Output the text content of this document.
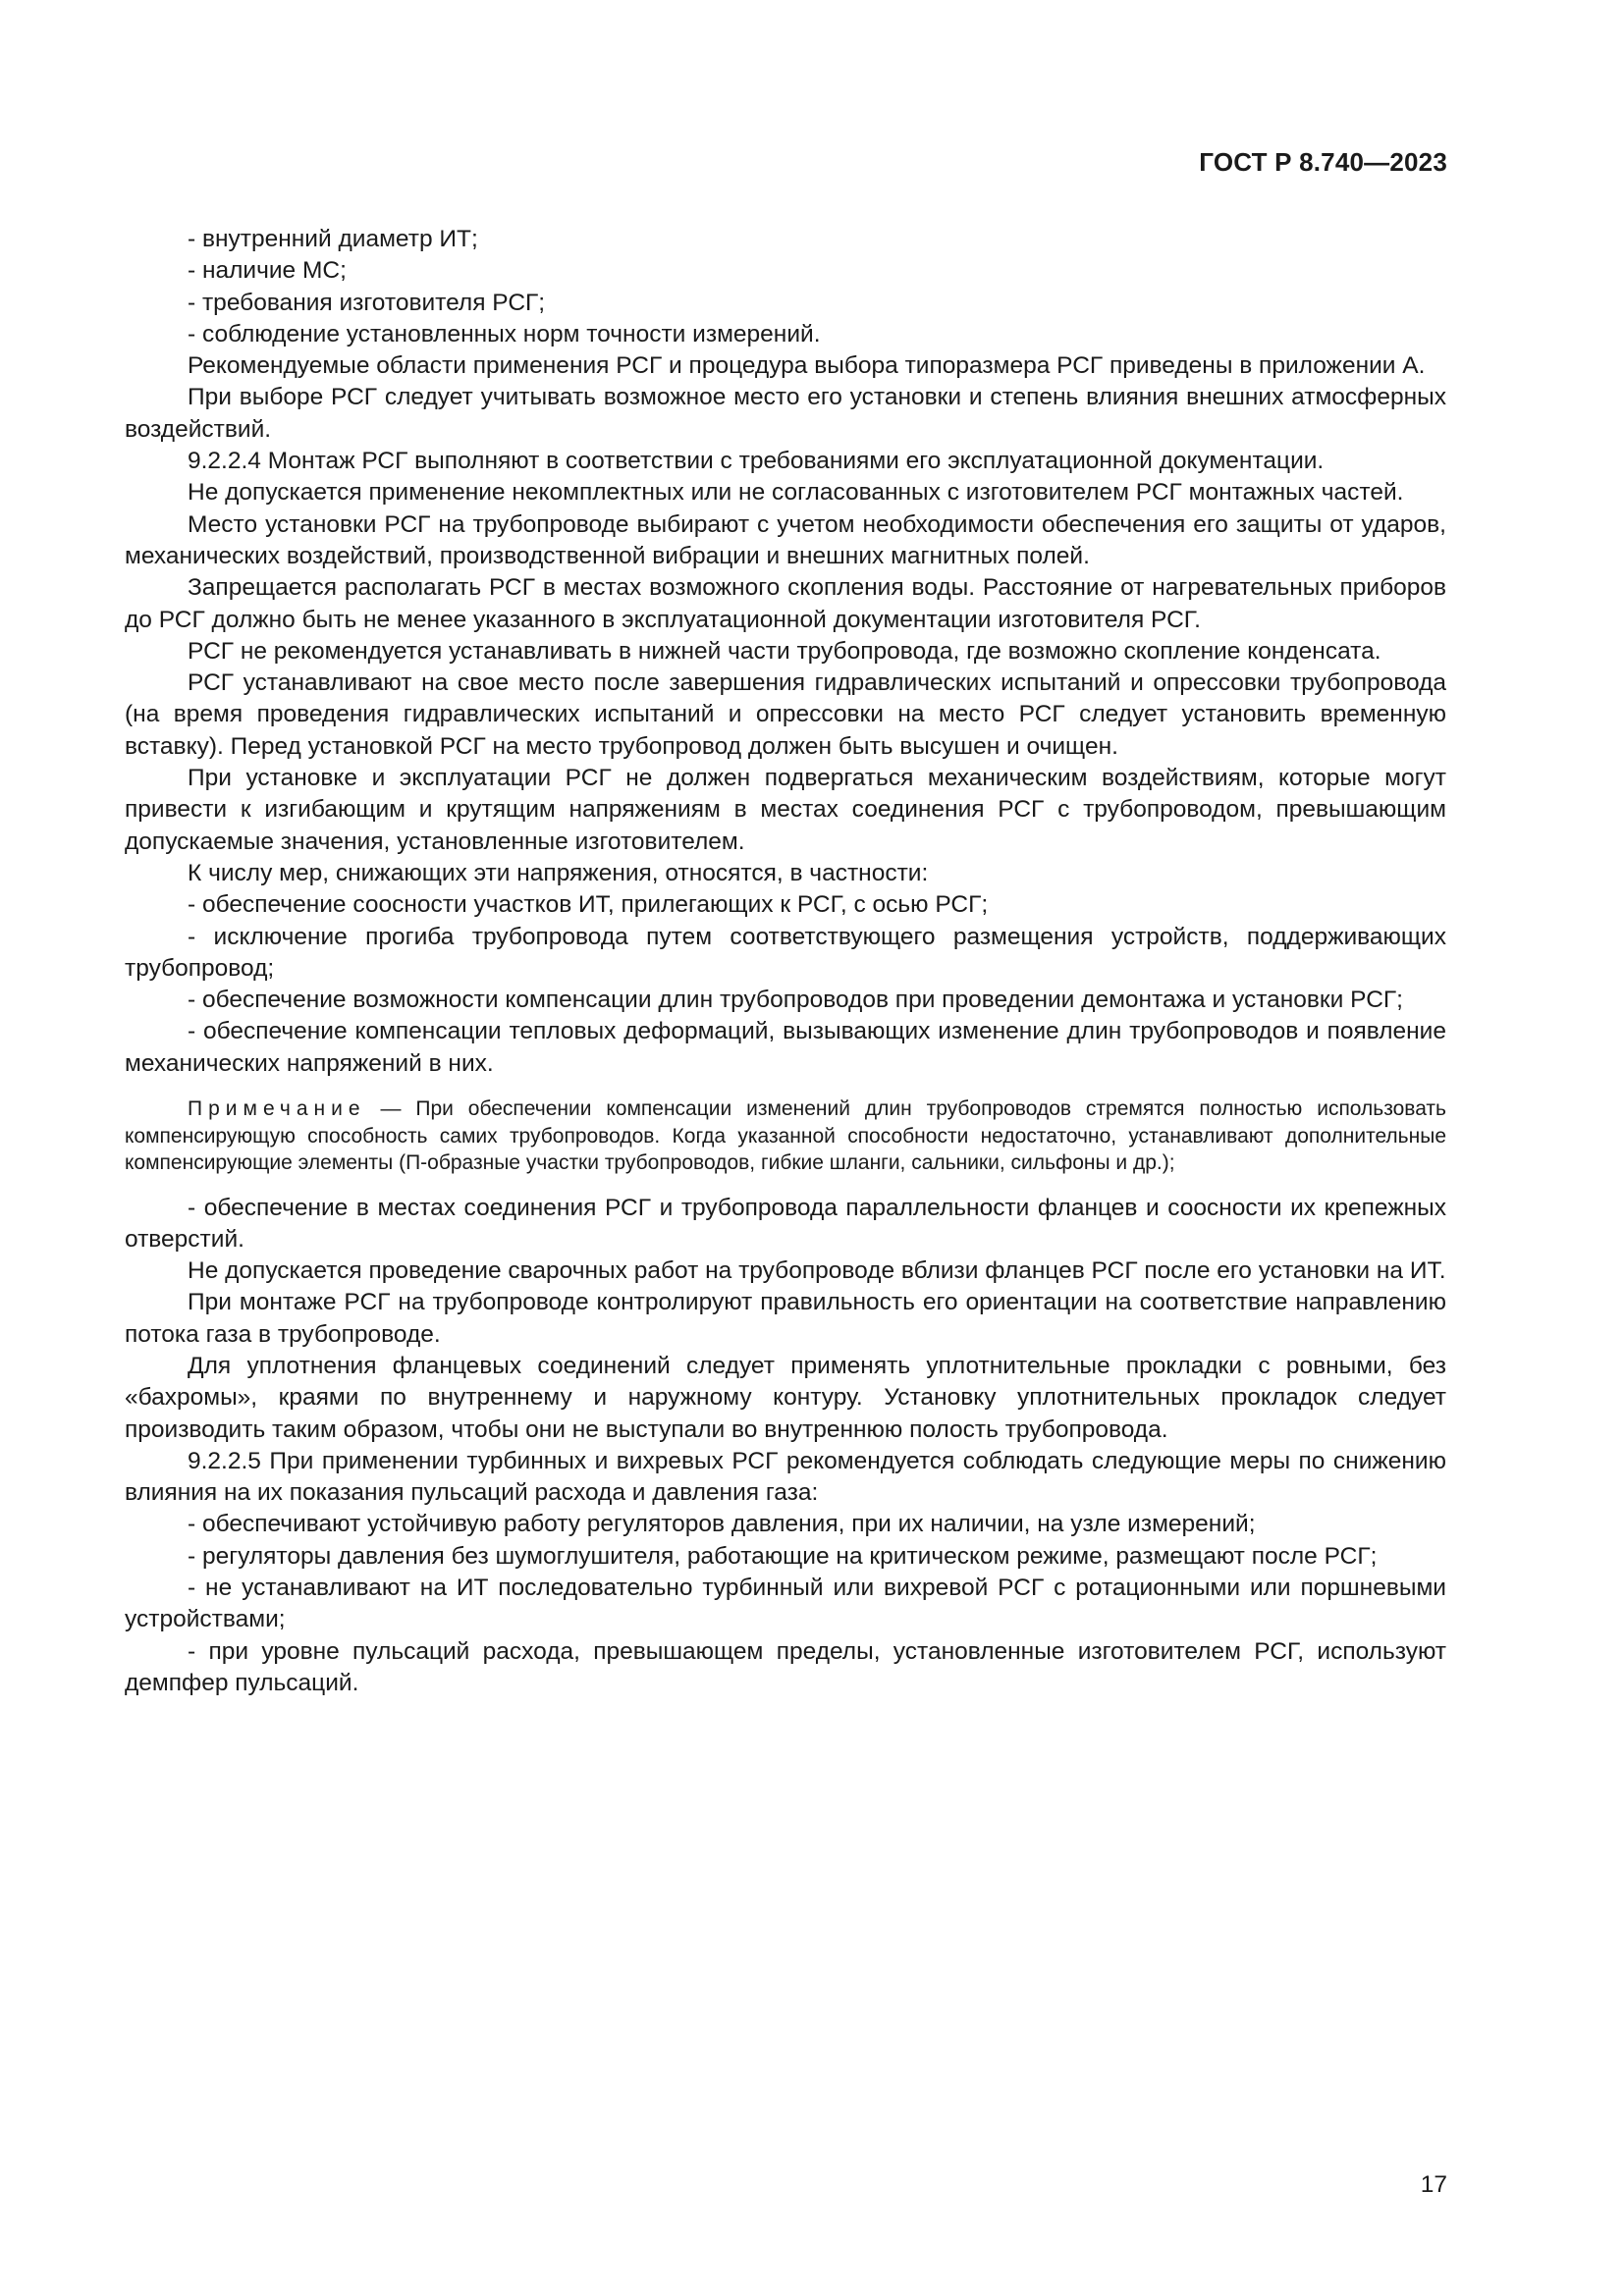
ГОСТ Р 8.740—2023

- внутренний диаметр ИТ;

- наличие МС;

- требования изготовителя РСГ;

- соблюдение установленных норм точности измерений.

Рекомендуемые области применения РСГ и процедура выбора типоразмера РСГ приведены в приложении А.

При выборе РСГ следует учитывать возможное место его установки и степень влияния внешних атмосферных воздействий.

9.2.2.4 Монтаж РСГ выполняют в соответствии с требованиями его эксплуатационной документации.

Не допускается применение некомплектных или не согласованных с изготовителем РСГ монтажных частей.

Место установки РСГ на трубопроводе выбирают с учетом необходимости обеспечения его защиты от ударов, механических воздействий, производственной вибрации и внешних магнитных полей.

Запрещается располагать РСГ в местах возможного скопления воды. Расстояние от нагревательных приборов до РСГ должно быть не менее указанного в эксплуатационной документации изготовителя РСГ.

РСГ не рекомендуется устанавливать в нижней части трубопровода, где возможно скопление конденсата.

РСГ устанавливают на свое место после завершения гидравлических испытаний и опрессовки трубопровода (на время проведения гидравлических испытаний и опрессовки на место РСГ следует установить временную вставку). Перед установкой РСГ на место трубопровод должен быть высушен и очищен.

При установке и эксплуатации РСГ не должен подвергаться механическим воздействиям, которые могут привести к изгибающим и крутящим напряжениям в местах соединения РСГ с трубопроводом, превышающим допускаемые значения, установленные изготовителем.

К числу мер, снижающих эти напряжения, относятся, в частности:

- обеспечение соосности участков ИТ, прилегающих к РСГ, с осью РСГ;

- исключение прогиба трубопровода путем соответствующего размещения устройств, поддерживающих трубопровод;

- обеспечение возможности компенсации длин трубопроводов при проведении демонтажа и установки РСГ;

- обеспечение компенсации тепловых деформаций, вызывающих изменение длин трубопроводов и появление механических напряжений в них.

Примечание — При обеспечении компенсации изменений длин трубопроводов стремятся полностью использовать компенсирующую способность самих трубопроводов. Когда указанной способности недостаточно, устанавливают дополнительные компенсирующие элементы (П-образные участки трубопроводов, гибкие шланги, сальники, сильфоны и др.);

- обеспечение в местах соединения РСГ и трубопровода параллельности фланцев и соосности их крепежных отверстий.

Не допускается проведение сварочных работ на трубопроводе вблизи фланцев РСГ после его установки на ИТ.

При монтаже РСГ на трубопроводе контролируют правильность его ориентации на соответствие направлению потока газа в трубопроводе.

Для уплотнения фланцевых соединений следует применять уплотнительные прокладки с ровными, без «бахромы», краями по внутреннему и наружному контуру. Установку уплотнительных прокладок следует производить таким образом, чтобы они не выступали во внутреннюю полость трубопровода.

9.2.2.5 При применении турбинных и вихревых РСГ рекомендуется соблюдать следующие меры по снижению влияния на их показания пульсаций расхода и давления газа:

- обеспечивают устойчивую работу регуляторов давления, при их наличии, на узле измерений;

- регуляторы давления без шумоглушителя, работающие на критическом режиме, размещают после РСГ;

- не устанавливают на ИТ последовательно турбинный или вихревой РСГ с ротационными или поршневыми устройствами;

- при уровне пульсаций расхода, превышающем пределы, установленные изготовителем РСГ, используют демпфер пульсаций.

17
